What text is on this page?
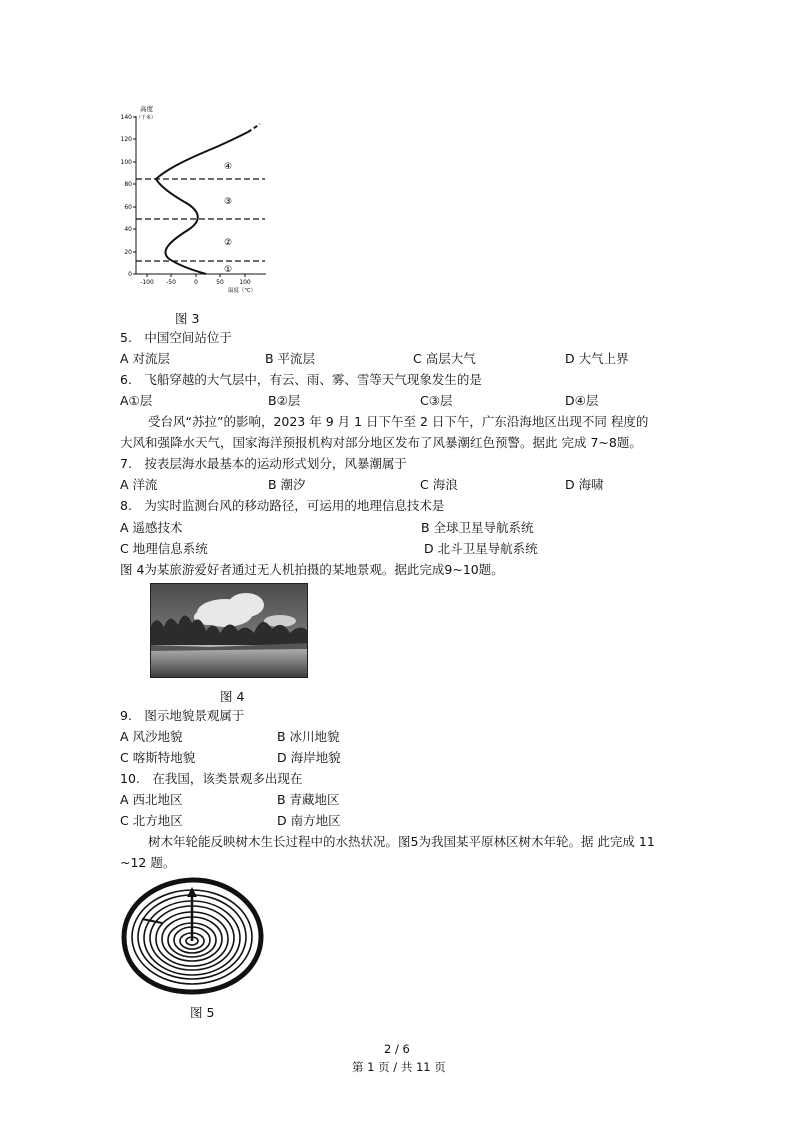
高度
（千米）
140
120
100
80
60
40
20
0
-100 -50	0	50	100
温度（℃）
①
②
③
④
图 3
5.　中国空间站位于
A 对流层	B 平流层	C 高层大气	D 大气上界
6.　飞船穿越的大气层中，有云、雨、雾、雪等天气现象发生的是
A①层	B②层	C③层	D④层
受台风“苏拉”的影响，2023 年 9 月 1 日下午至 2 日下午，广东沿海地区出现不同 程度的
大风和强降水天气，国家海洋预报机构对部分地区发布了风暴潮红色预警。据此 完成 7~8题。
7.　按表层海水最基本的运动形式划分，风暴潮属于
A 洋流	B 潮汐	C 海浪	D 海啸
8.　为实时监测台风的移动路径，可运用的地理信息技术是
A 遥感技术	B 全球卫星导航系统
C 地理信息系统	D 北斗卫星导航系统
图 4为某旅游爱好者通过无人机拍摄的某地景观。据此完成9~10题。
图 4
9.　图示地貌景观属于
A 风沙地貌	B 冰川地貌
C 喀斯特地貌	D 海岸地貌
10.　在我国，该类景观多出现在
A 西北地区	B 青藏地区
C 北方地区	D 南方地区
树木年轮能反映树木生长过程中的水热状况。图5为我国某平原林区树木年轮。据 此完成 11
~12 题。
图 5
2 / 6
第 1 页 / 共 11 页
